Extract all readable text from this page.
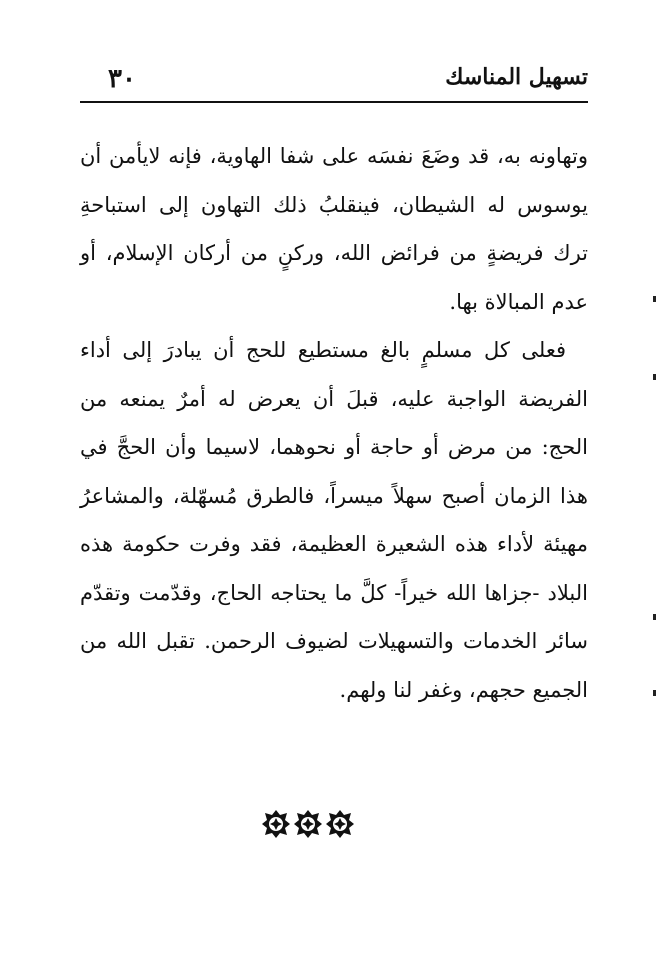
٣٠	تسهيل المناسك

وتهاونه به، قد وضَعَ نفسَه على شفا الهاوية، فإنه لايأمن أن يوسوس له الشيطان، فينقلبُ ذلك التهاون إلى استباحةِ ترك فريضةٍ من فرائض الله، وركنٍ من أركان الإسلام، أو عدم المبالاة بها.

فعلى كل مسلمٍ بالغ مستطيع للحج أن يبادرَ إلى أداء الفريضة الواجبة عليه، قبلَ أن يعرض له أمرٌ يمنعه من الحج: من مرض أو حاجة أو نحوهما، لاسيما وأن الحجَّ في هذا الزمان أصبح سهلاً ميسراً، فالطرق مُسهّلة، والمشاعرُ مهيئة لأداء هذه الشعيرة العظيمة، فقد وفرت حكومة هذه البلاد -جزاها الله خيراً- كلَّ ما يحتاجه الحاج، وقدّمت وتقدّم سائر الخدمات والتسهيلات لضيوف الرحمن. تقبل الله من الجميع حجهم، وغفر لنا ولهم.
